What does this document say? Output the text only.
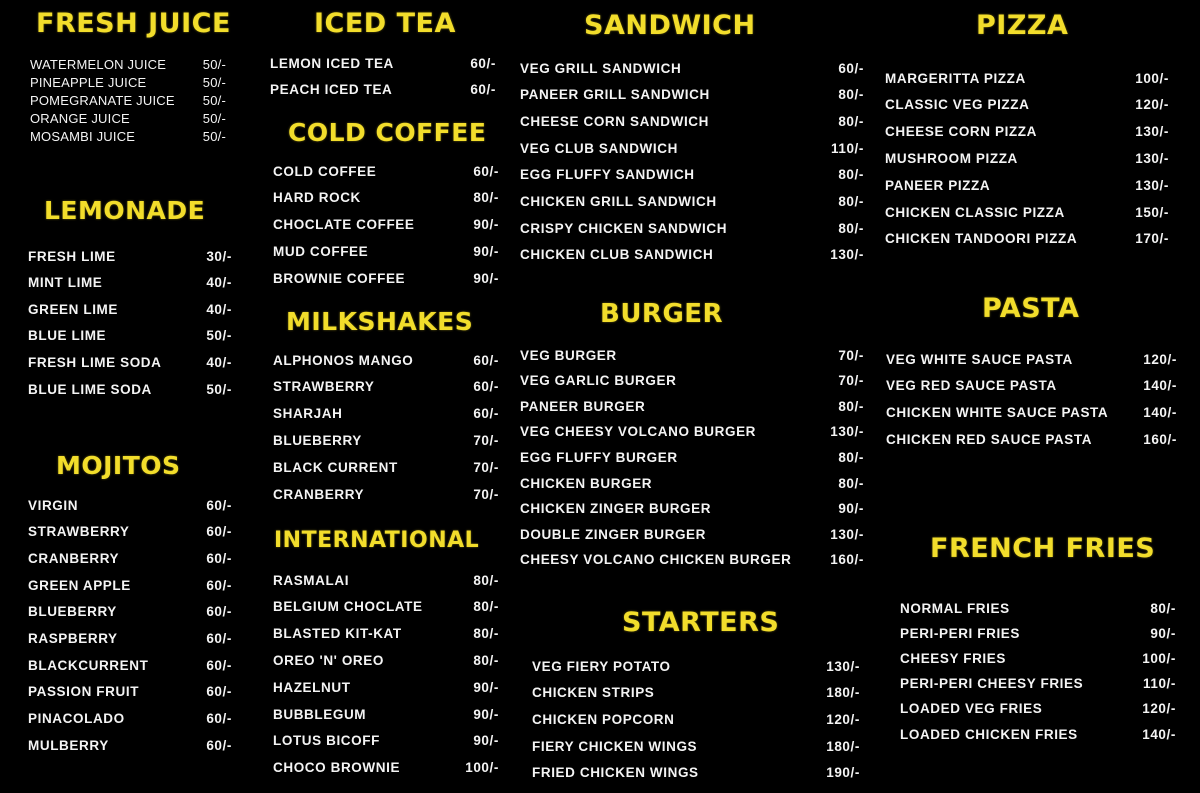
FRESH JUICE
WATERMELON JUICE	50/-
PINEAPPLE JUICE	50/-
POMEGRANATE JUICE 50/-
ORANGE JUICE	50/-
MOSAMBI JUICE	50/-
LEMONADE
FRESH LIME	30/-
MINT LIME	40/-
GREEN LIME	40/-
BLUE LIME	50/-
FRESH LIME SODA	40/-
BLUE LIME SODA	50/-
MOJITOS
VIRGIN	60/-
STRAWBERRY	60/-
CRANBERRY	60/-
GREEN APPLE	60/-
BLUEBERRY	60/-
RASPBERRY	60/-
BLACKCURRENT	60/-
PASSION FRUIT	60/-
PINACOLADO	60/-
MULBERRY	60/-
ICED TEA
LEMON ICED TEA	60/-
PEACH ICED TEA	60/-
COLD COFFEE
COLD COFFEE	60/-
HARD ROCK	80/-
CHOCLATE COFFEE	90/-
MUD COFFEE	90/-
BROWNIE COFFEE	90/-
MILKSHAKES
ALPHONOS MANGO	60/-
STRAWBERRY	60/-
SHARJAH	60/-
BLUEBERRY	70/-
BLACK CURRENT	70/-
CRANBERRY	70/-
INTERNATIONAL
RASMALAI	80/-
BELGIUM CHOCLATE	80/-
BLASTED KIT-KAT	80/-
OREO 'N' OREO	80/-
HAZELNUT	90/-
BUBBLEGUM	90/-
LOTUS BICOFF	90/-
CHOCO BROWNIE	100/-
SANDWICH
VEG GRILL SANDWICH	60/-
PANEER GRILL SANDWICH	80/-
CHEESE CORN SANDWICH	80/-
VEG CLUB SANDWICH	110/-
EGG FLUFFY SANDWICH	80/-
CHICKEN GRILL SANDWICH	80/-
CRISPY CHICKEN SANDWICH	80/-
CHICKEN CLUB SANDWICH	130/-
BURGER
VEG BURGER	70/-
VEG GARLIC BURGER	70/-
PANEER BURGER	80/-
VEG CHEESY VOLCANO BURGER	130/-
EGG FLUFFY BURGER	80/-
CHICKEN BURGER	80/-
CHICKEN ZINGER BURGER	90/-
DOUBLE ZINGER BURGER	130/-
CHEESY VOLCANO CHICKEN BURGER	160/-
STARTERS
VEG FIERY POTATO	130/-
CHICKEN STRIPS	180/-
CHICKEN POPCORN	120/-
FIERY CHICKEN WINGS	180/-
FRIED CHICKEN WINGS	190/-
PIZZA
MARGERITTA PIZZA	100/-
CLASSIC VEG PIZZA	120/-
CHEESE CORN PIZZA	130/-
MUSHROOM PIZZA	130/-
PANEER PIZZA	130/-
CHICKEN CLASSIC PIZZA	150/-
CHICKEN TANDOORI PIZZA	170/-
PASTA
VEG WHITE SAUCE PASTA	120/-
VEG RED SAUCE PASTA	140/-
CHICKEN WHITE SAUCE PASTA	140/-
CHICKEN RED SAUCE PASTA	160/-
FRENCH FRIES
NORMAL FRIES	80/-
PERI-PERI FRIES	90/-
CHEESY FRIES	100/-
PERI-PERI CHEESY FRIES	110/-
LOADED VEG FRIES	120/-
LOADED CHICKEN FRIES	140/-
